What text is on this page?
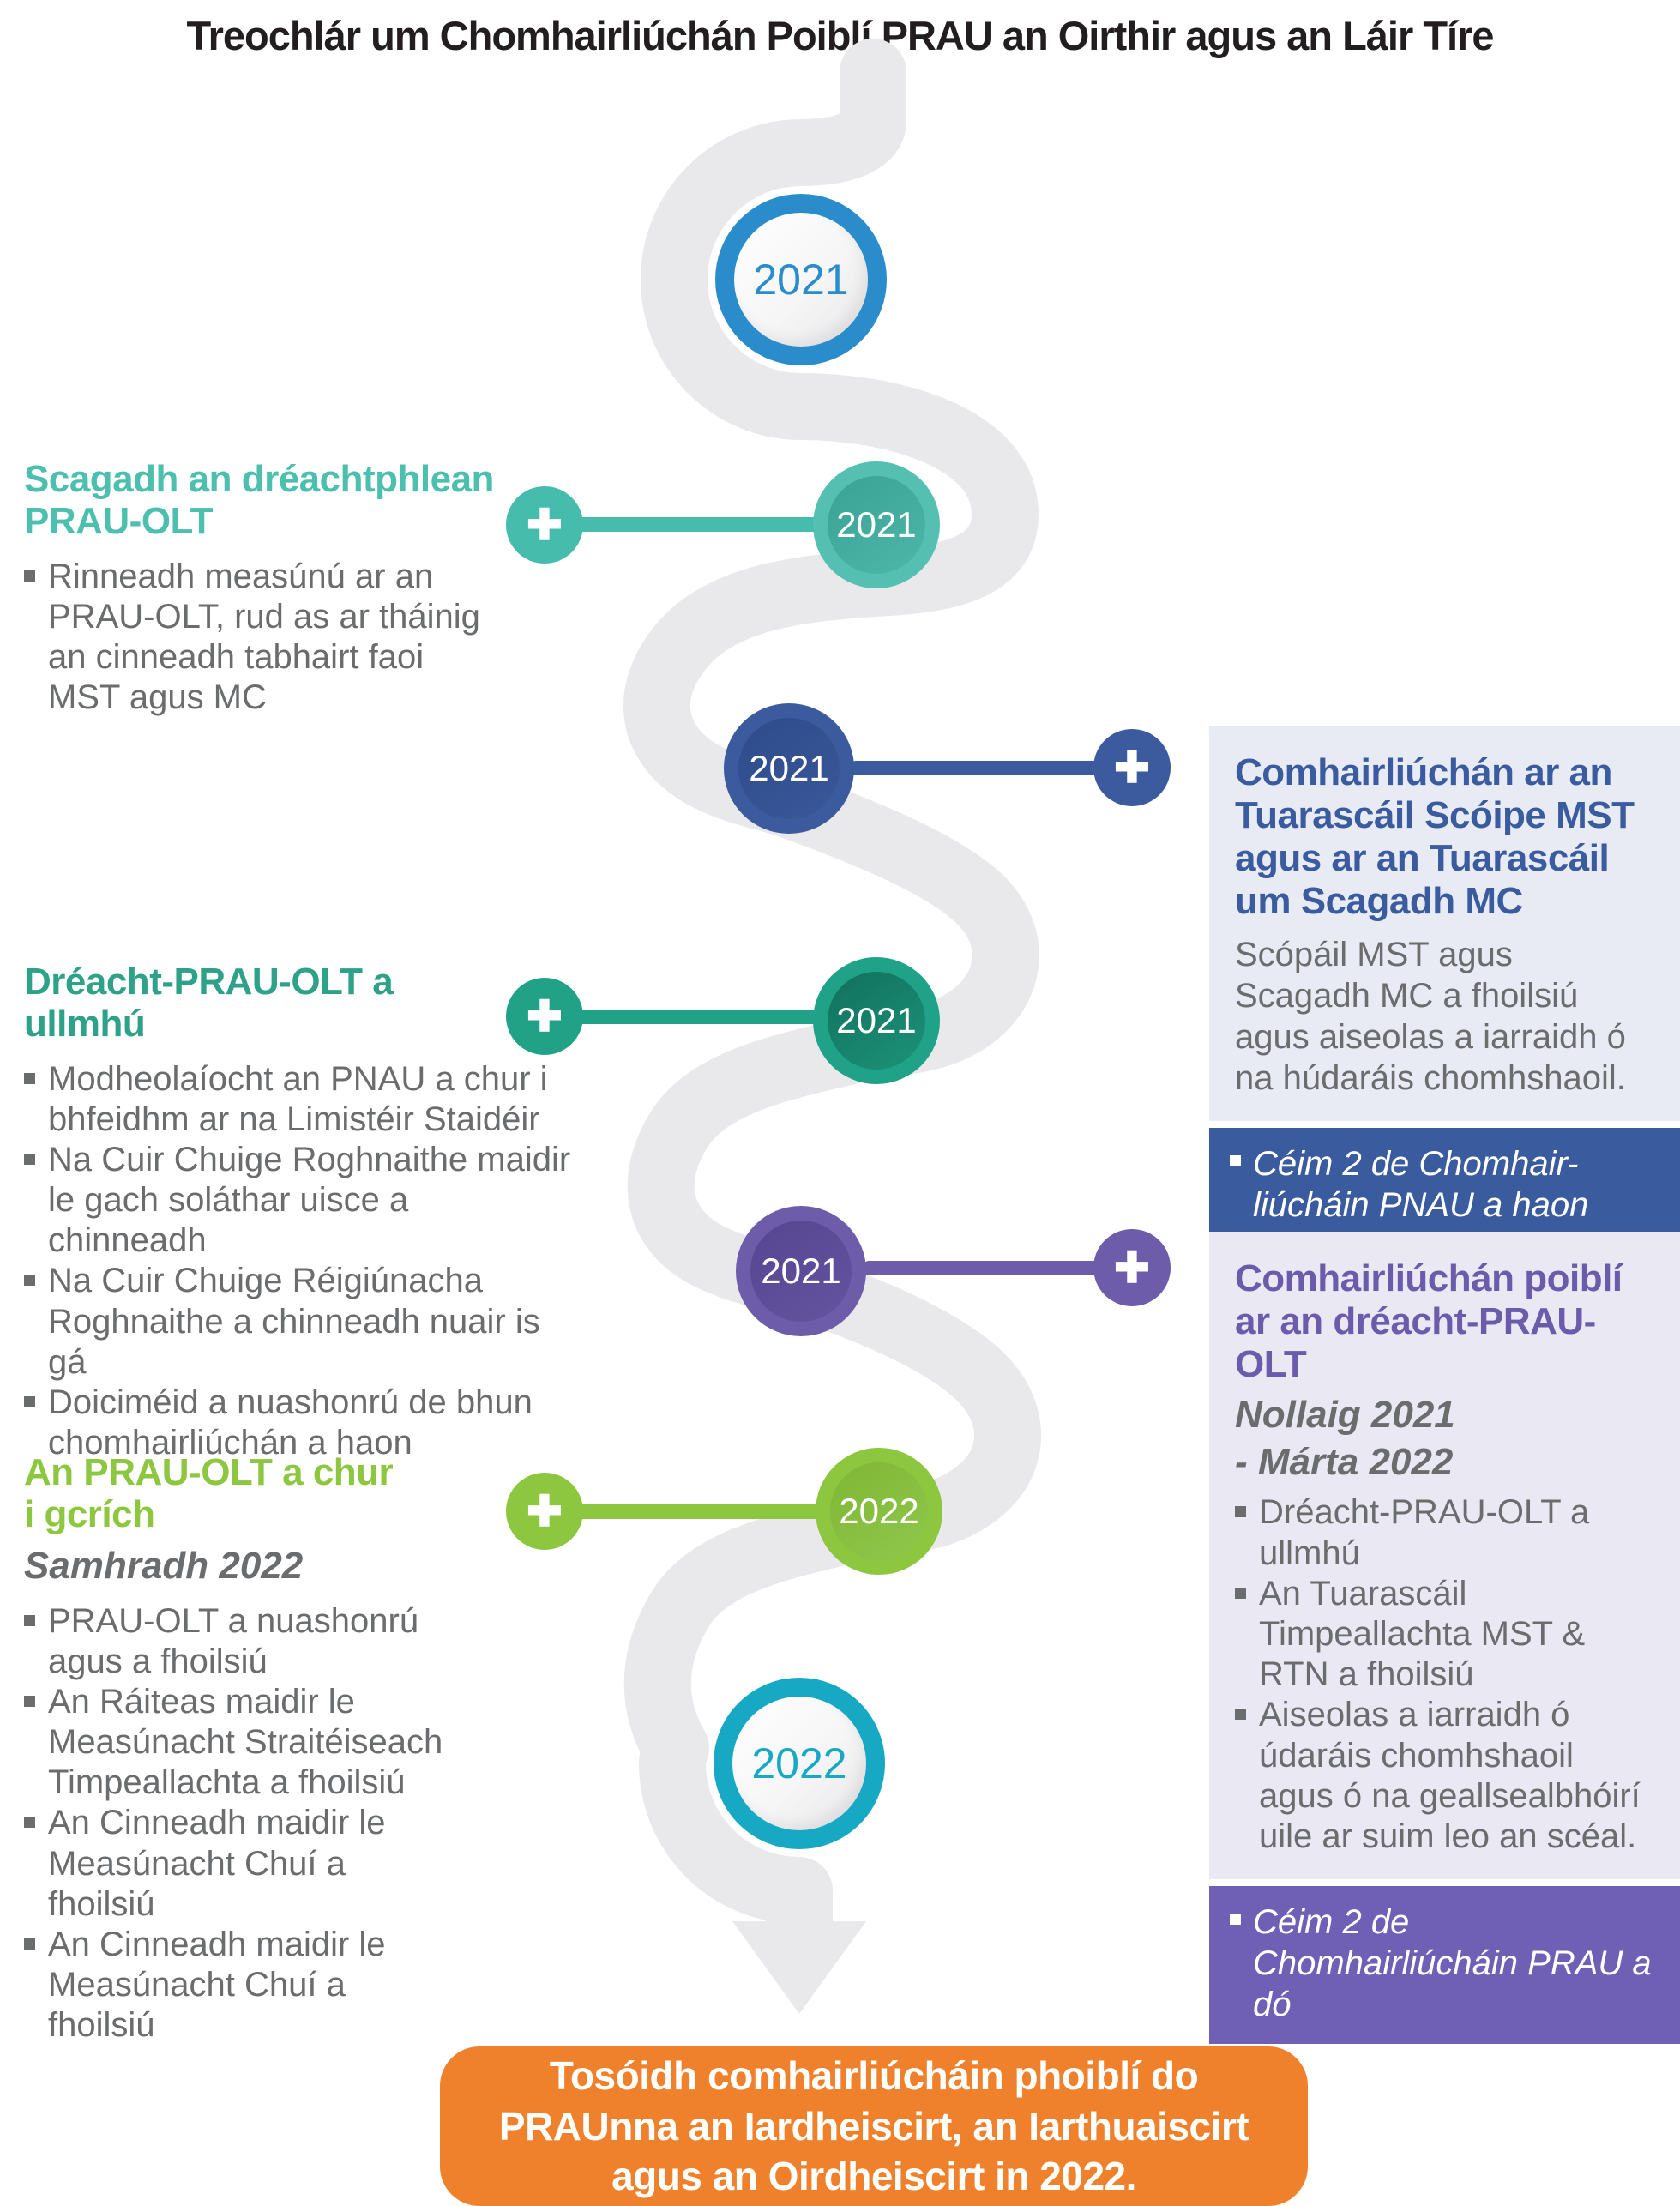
Treochlár um Chomhairliúchán Poiblí PRAU an Oirthir agus an Láir Tíre
✚
✚
✚
✚
✚
2021
2021
2021
2021
2021
2022
2022
Scagadh an dréachtphlean PRAU-OLT
Rinneadh measúnú ar an PRAU-OLT, rud as ar tháinig an cinneadh tabhairt faoi MST agus MC
Dréacht-PRAU-OLT a ullmhú
Modheolaíocht an PNAU a chur i bhfeidhm ar na Limistéir Staidéir
Na Cuir Chuige Roghnaithe maidir le gach soláthar uisce a chinneadh
Na Cuir Chuige Réigiúnacha Roghnaithe a chinneadh nuair is gá
Doiciméid a nuashonrú de bhun chomhairliúchán a haon
An PRAU-OLT a chur i gcrích
Samhradh 2022
PRAU-OLT a nuashonrú agus a fhoilsiú
An Ráiteas maidir le Measúnacht Straitéiseach Timpeallachta a fhoilsiú
An Cinneadh maidir le Measúnacht Chuí a fhoilsiú
An Cinneadh maidir le Measúnacht Chuí a fhoilsiú
Comhairliúchán ar an Tuarascáil Scóipe MST agus ar an Tuarascáil um Scagadh MC
Scópáil MST agus Scagadh MC a fhoilsiú agus aiseolas a iarraidh ó na húdaráis chomhshaoil.
Céim 2 de Chomhair- liúcháin PNAU a haon
Comhairliúchán poiblí ar an dréacht-PRAU-OLT
Nollaig 2021
- Márta 2022
Dréacht-PRAU-OLT a ullmhú
An Tuarascáil Timpeallachta MST & RTN a fhoilsiú
Aiseolas a iarraidh ó údaráis chomhshaoil agus ó na geallsealbhóirí uile ar suim leo an scéal.
Céim 2 de Chomhairliúcháin PRAU a dó
Tosóidh comhairliúcháin phoiblí do PRAUnna an Iardheiscirt, an Iarthuaiscirt agus an Oirdheiscirt in 2022.
